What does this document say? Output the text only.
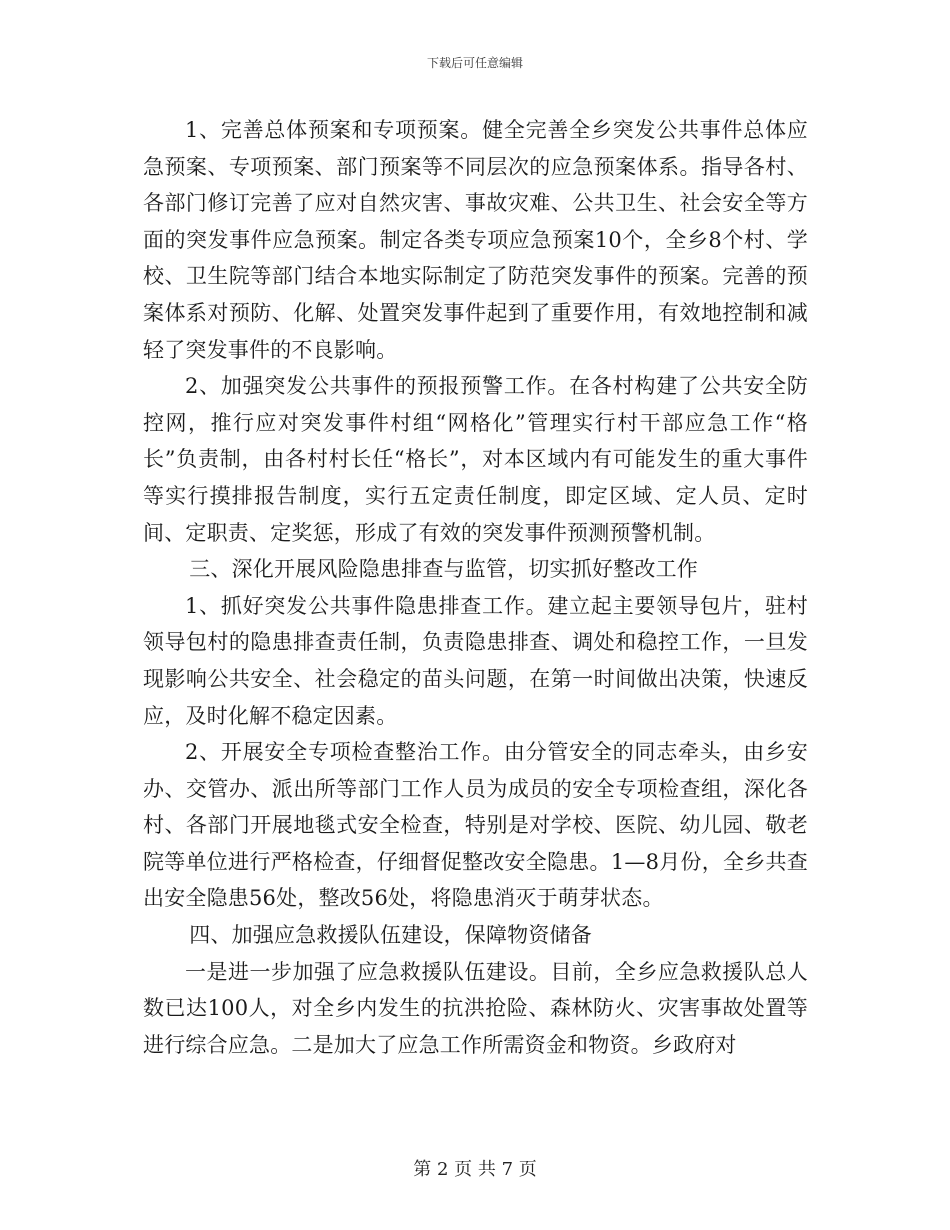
下载后可任意编辑

1、完善总体预案和专项预案。健全完善全乡突发公共事件总体应急预案、专项预案、部门预案等不同层次的应急预案体系。指导各村、各部门修订完善了应对自然灾害、事故灾难、公共卫生、社会安全等方面的突发事件应急预案。制定各类专项应急预案10个，全乡8个村、学校、卫生院等部门结合本地实际制定了防范突发事件的预案。完善的预案体系对预防、化解、处置突发事件起到了重要作用，有效地控制和减轻了突发事件的不良影响。

2、加强突发公共事件的预报预警工作。在各村构建了公共安全防控网，推行应对突发事件村组“网格化”管理实行村干部应急工作“格长”负责制，由各村村长任“格长”，对本区域内有可能发生的重大事件等实行摸排报告制度，实行五定责任制度，即定区域、定人员、定时间、定职责、定奖惩，形成了有效的突发事件预测预警机制。

三、深化开展风险隐患排查与监管，切实抓好整改工作

1、抓好突发公共事件隐患排查工作。建立起主要领导包片，驻村领导包村的隐患排查责任制，负责隐患排查、调处和稳控工作，一旦发现影响公共安全、社会稳定的苗头问题，在第一时间做出决策，快速反应，及时化解不稳定因素。

2、开展安全专项检查整治工作。由分管安全的同志牵头，由乡安办、交管办、派出所等部门工作人员为成员的安全专项检查组，深化各村、各部门开展地毯式安全检查，特别是对学校、医院、幼儿园、敬老院等单位进行严格检查，仔细督促整改安全隐患。1—8月份，全乡共查出安全隐患56处，整改56处，将隐患消灭于萌芽状态。

四、加强应急救援队伍建设，保障物资储备

一是进一步加强了应急救援队伍建设。目前，全乡应急救援队总人数已达100人，对全乡内发生的抗洪抢险、森林防火、灾害事故处置等进行综合应急。二是加大了应急工作所需资金和物资。乡政府对

第 2 页 共 7 页
